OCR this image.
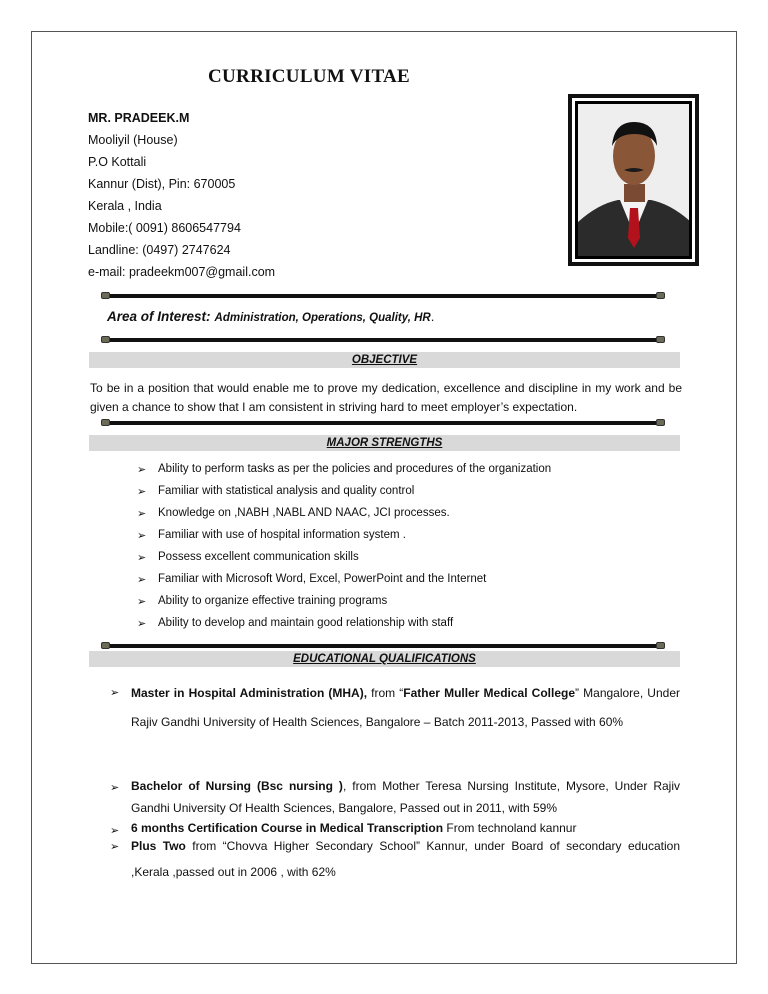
CURRICULUM VITAE
MR. PRADEEK.M
Mooliyil (House)
P.O Kottali
Kannur (Dist), Pin: 670005
Kerala , India
Mobile:( 0091) 8606547794
Landline: (0497) 2747624
e-mail: pradeekm007@gmail.com
Area of Interest: Administration, Operations, Quality, HR.
OBJECTIVE
To be in a position that would enable me to prove my dedication, excellence and discipline in my work and be given a chance to show that I am consistent in striving hard to meet employer’s expectation.
MAJOR STRENGTHS
➢ Ability to perform tasks as per the policies and procedures of the organization
➢ Familiar with statistical analysis and quality control
➢ Knowledge on ,NABH ,NABL AND NAAC, JCI processes.
➢ Familiar with use of hospital information system .
➢ Possess excellent communication skills
➢ Familiar with Microsoft Word, Excel, PowerPoint and the Internet
➢ Ability to organize effective training programs
➢ Ability to develop and maintain good relationship with staff
EDUCATIONAL QUALIFICATIONS
➢ Master in Hospital Administration (MHA), from “Father Muller Medical College” Mangalore, Under Rajiv Gandhi University of Health Sciences, Bangalore – Batch 2011-2013, Passed with 60%
➢ Bachelor of Nursing (Bsc nursing ), from Mother Teresa Nursing Institute, Mysore, Under Rajiv Gandhi University Of Health Sciences, Bangalore, Passed out in 2011, with 59%
➢ 6 months Certification Course in Medical Transcription From technoland kannur
➢ Plus Two from “Chovva Higher Secondary School” Kannur, under Board of secondary education ,Kerala ,passed out in 2006 , with 62%
